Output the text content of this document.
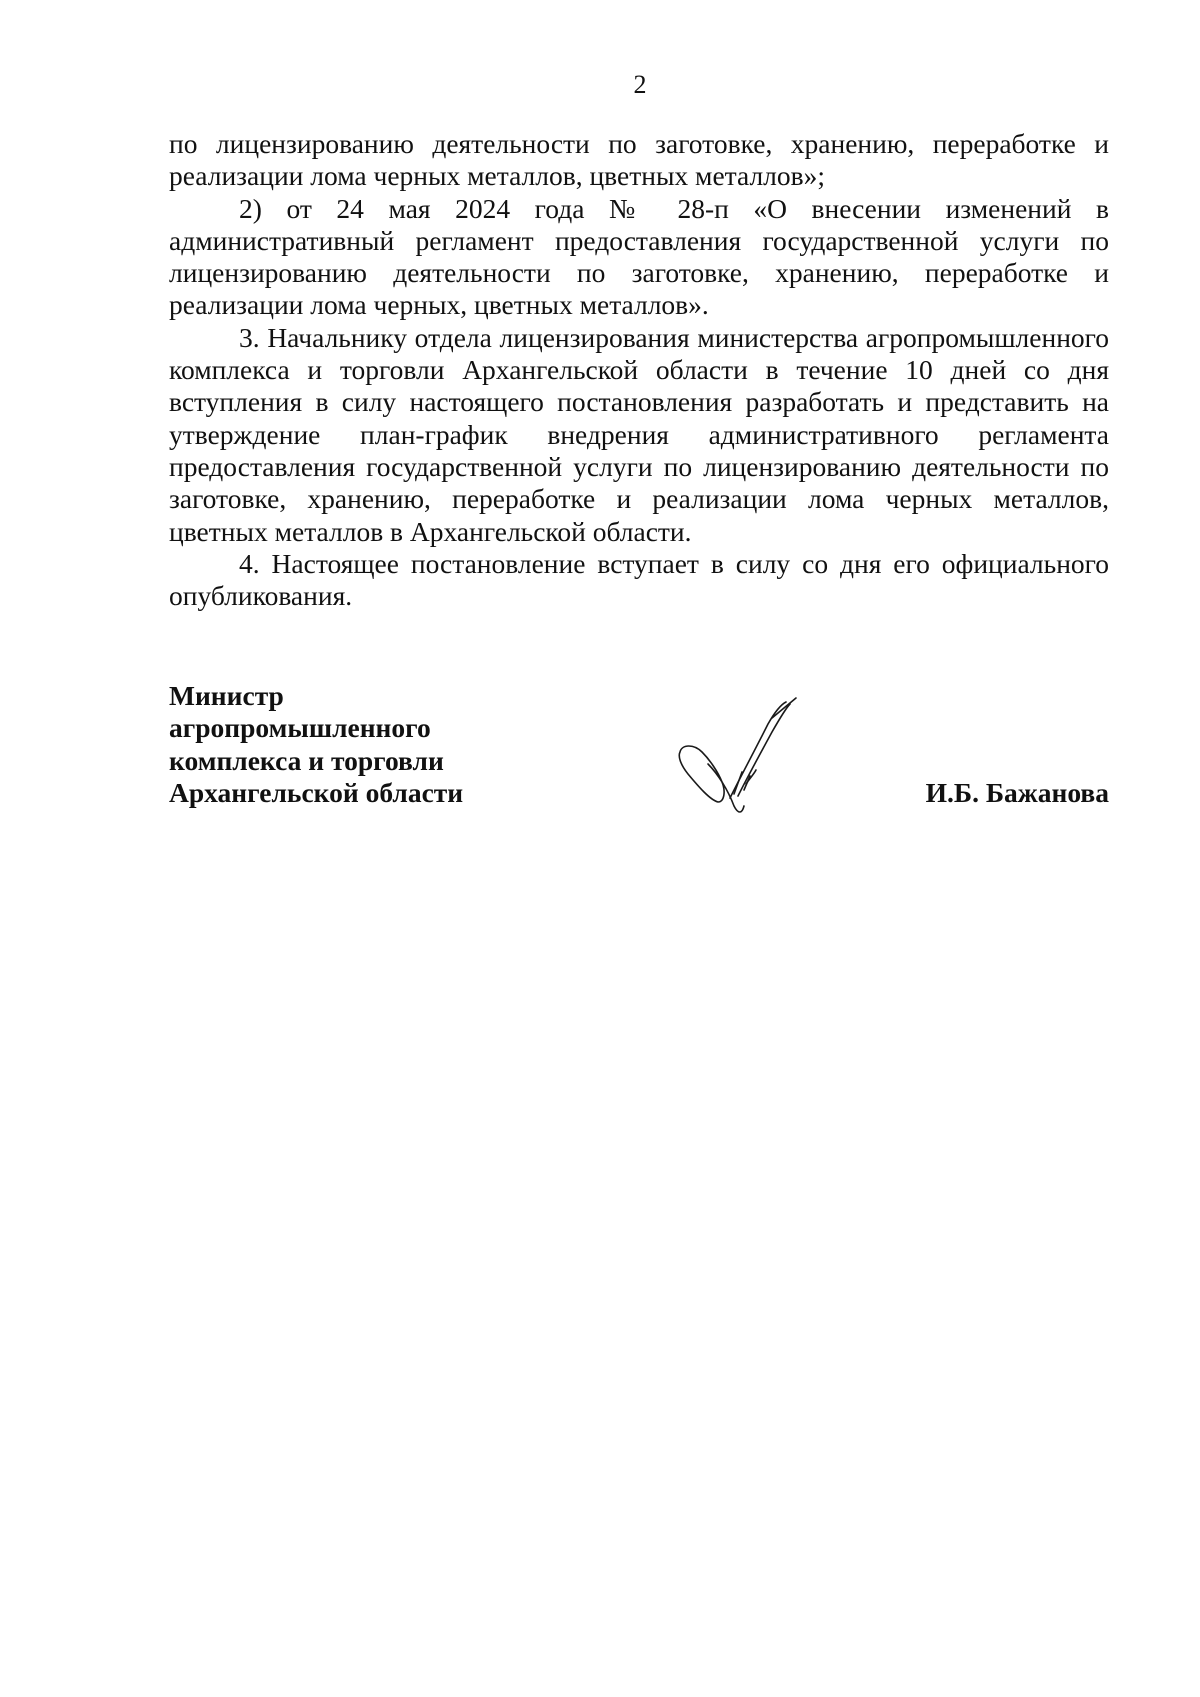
2

по лицензированию деятельности по заготовке, хранению, переработке и реализации лома черных металлов, цветных металлов»;

2) от 24 мая 2024 года № 28-п «О внесении изменений в административный регламент предоставления государственной услуги по лицензированию деятельности по заготовке, хранению, переработке и реализации лома черных, цветных металлов».

3. Начальнику отдела лицензирования министерства агропромышленного комплекса и торговли Архангельской области в течение 10 дней со дня вступления в силу настоящего постановления разработать и представить на утверждение план-график внедрения административного регламента предоставления государственной услуги по лицензированию деятельности по заготовке, хранению, переработке и реализации лома черных металлов, цветных металлов в Архангельской области.

4. Настоящее постановление вступает в силу со дня его официального опубликования.

Министр
агропромышленного
комплекса и торговли
Архангельской области	И.Б. Бажанова
